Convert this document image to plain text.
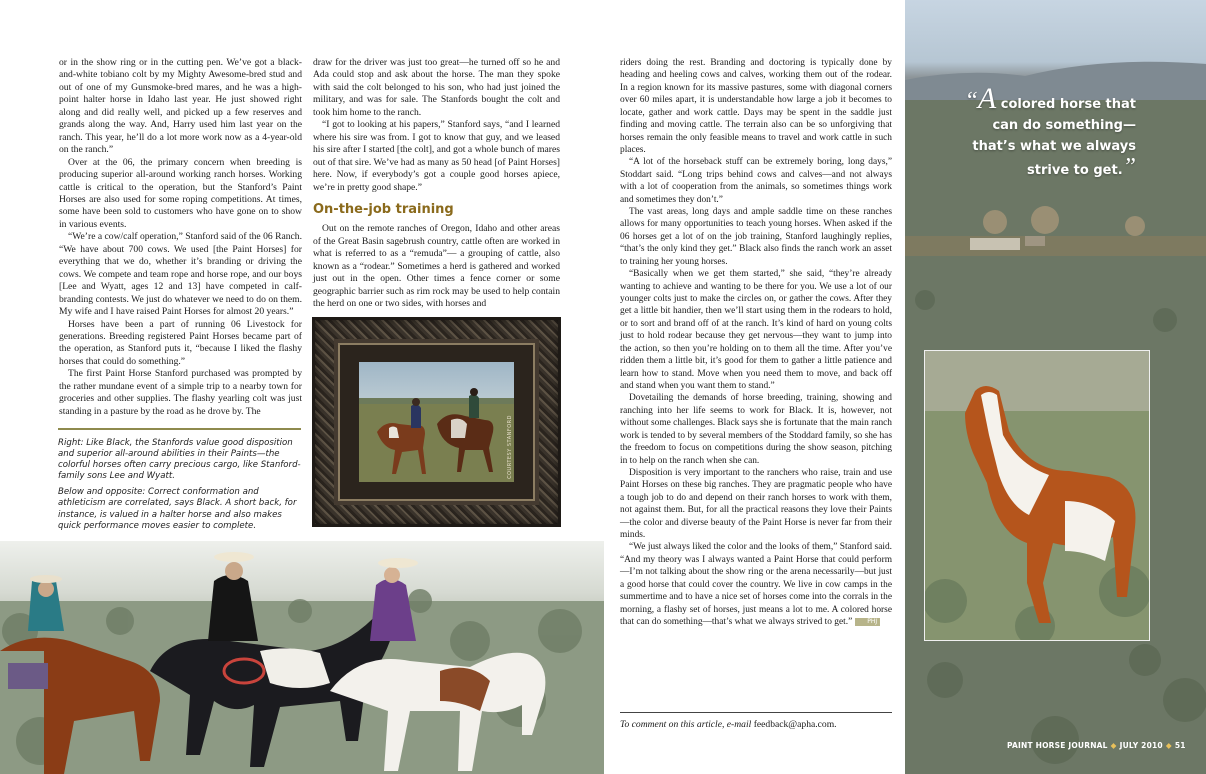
or in the show ring or in the cutting pen. We’ve got a black-and-white tobiano colt by my Mighty Awesome-bred stud and out of one of my Gunsmoke-bred mares, and he was a high-point halter horse in Idaho last year. He just showed right along and did really well, and picked up a few reserves and grands along the way. And, Harry used him last year on the ranch. This year, he’ll do a lot more work now as a 4-year-old on the ranch.”

Over at the 06, the primary concern when breeding is producing superior all-around working ranch horses. Working cattle is critical to the operation, but the Stanford’s Paint Horses are also used for some roping competitions. At times, some have been sold to customers who have gone on to show in various events.

“We’re a cow/calf operation,” Stanford said of the 06 Ranch. “We have about 700 cows. We used [the Paint Horses] for everything that we do, whether it’s branding or driving the cows. We compete and team rope and horse rope, and our boys [Lee and Wyatt, ages 12 and 13] have competed in calf-branding contests. We just do whatever we need to do on them. My wife and I have raised Paint Horses for almost 20 years.”

Horses have been a part of running 06 Livestock for generations. Breeding registered Paint Horses became part of the operation, as Stanford puts it, “because I liked the flashy horses that could do something.”

The first Paint Horse Stanford purchased was prompted by the rather mundane event of a simple trip to a nearby town for groceries and other supplies. The flashy yearling colt was just standing in a pasture by the road as he drove by. The

Right: Like Black, the Stanfords value good disposition and superior all-around abilities in their Paints—the colorful horses often carry precious cargo, like Stanford-family sons Lee and Wyatt.

Below and opposite: Correct conformation and athleticism are correlated, says Black. A short back, for instance, is valued in a halter horse and also makes quick performance moves easier to complete.

draw for the driver was just too great—he turned off so he and Ada could stop and ask about the horse. The man they spoke with said the colt belonged to his son, who had just joined the military, and was for sale. The Stanfords bought the colt and took him home to the ranch.

“I got to looking at his papers,” Stanford says, “and I learned where his sire was from. I got to know that guy, and we leased his sire after I started [the colt], and got a whole bunch of mares out of that sire. We’ve had as many as 50 head [of Paint Horses] here. Now, if everybody’s got a couple good horses apiece, we’re in pretty good shape.”

On-the-job training

Out on the remote ranches of Oregon, Idaho and other areas of the Great Basin sagebrush country, cattle often are worked in what is referred to as a “remuda”— a grouping of cattle, also known as a “rodear.” Sometimes a herd is gathered and worked just out in the open. Other times a fence corner or some geographic barrier such as rim rock may be used to help contain the herd on one or two sides, with horses and

COURTESY STANFORD

riders doing the rest. Branding and doctoring is typically done by heading and heeling cows and calves, working them out of the rodear. In a region known for its massive pastures, some with diagonal corners over 60 miles apart, it is understandable how large a job it becomes to locate, gather and work cattle. Days may be spent in the saddle just finding and moving cattle. The terrain also can be so unforgiving that horses remain the only feasible means to travel and work cattle in such places.

“A lot of the horseback stuff can be extremely boring, long days,” Stoddart said. “Long trips behind cows and calves—and not always with a lot of cooperation from the animals, so sometimes things work and sometimes they don’t.”

The vast areas, long days and ample saddle time on these ranches allows for many opportunities to teach young horses. When asked if the 06 horses get a lot of on the job training, Stanford laughingly replies, “that’s the only kind they get.” Black also finds the ranch work an asset to training her young horses.

“Basically when we get them started,” she said, “they’re already wanting to achieve and wanting to be there for you. We use a lot of our younger colts just to make the circles on, or gather the cows. After they get a little bit handier, then we’ll start using them in the rodears to hold, or to sort and brand off of at the ranch. It’s kind of hard on young colts just to hold rodear because they get nervous—they want to jump into the action, so then you’re holding on to them all the time. After you’ve ridden them a little bit, it’s good for them to gather a little patience and learn how to stand. Move when you need them to move, and back off and stand when you want them to stand.”

Dovetailing the demands of horse breeding, training, showing and ranching into her life seems to work for Black. It is, however, not without some challenges. Black says she is fortunate that the main ranch work is tended to by several members of the Stoddard family, so she has the freedom to focus on competitions during the show season, pitching in to help on the ranch when she can.

Disposition is very important to the ranchers who raise, train and use Paint Horses on these big ranches. They are pragmatic people who have a tough job to do and depend on their ranch horses to work with them, not against them. But, for all the practical reasons they love their Paints—the color and diverse beauty of the Paint Horse is never far from their minds.

“We just always liked the color and the looks of them,” Stanford said. “And my theory was I always wanted a Paint Horse that could perform—I’m not talking about the show ring or the arena necessarily—but just a good horse that could cover the country. We live in cow camps in the summertime and to have a nice set of horses come into the corrals in the morning, a flashy set of horses, just means a lot to me. A colored horse that can do something—that’s what we always strived to get.”	PHJ

To comment on this article, e-mail feedback@apha.com.
“A colored horse that
can do something—
that’s what we always
strive to get.”
PAINT HORSE JOURNAL ◆ JULY 2010 ◆ 51
